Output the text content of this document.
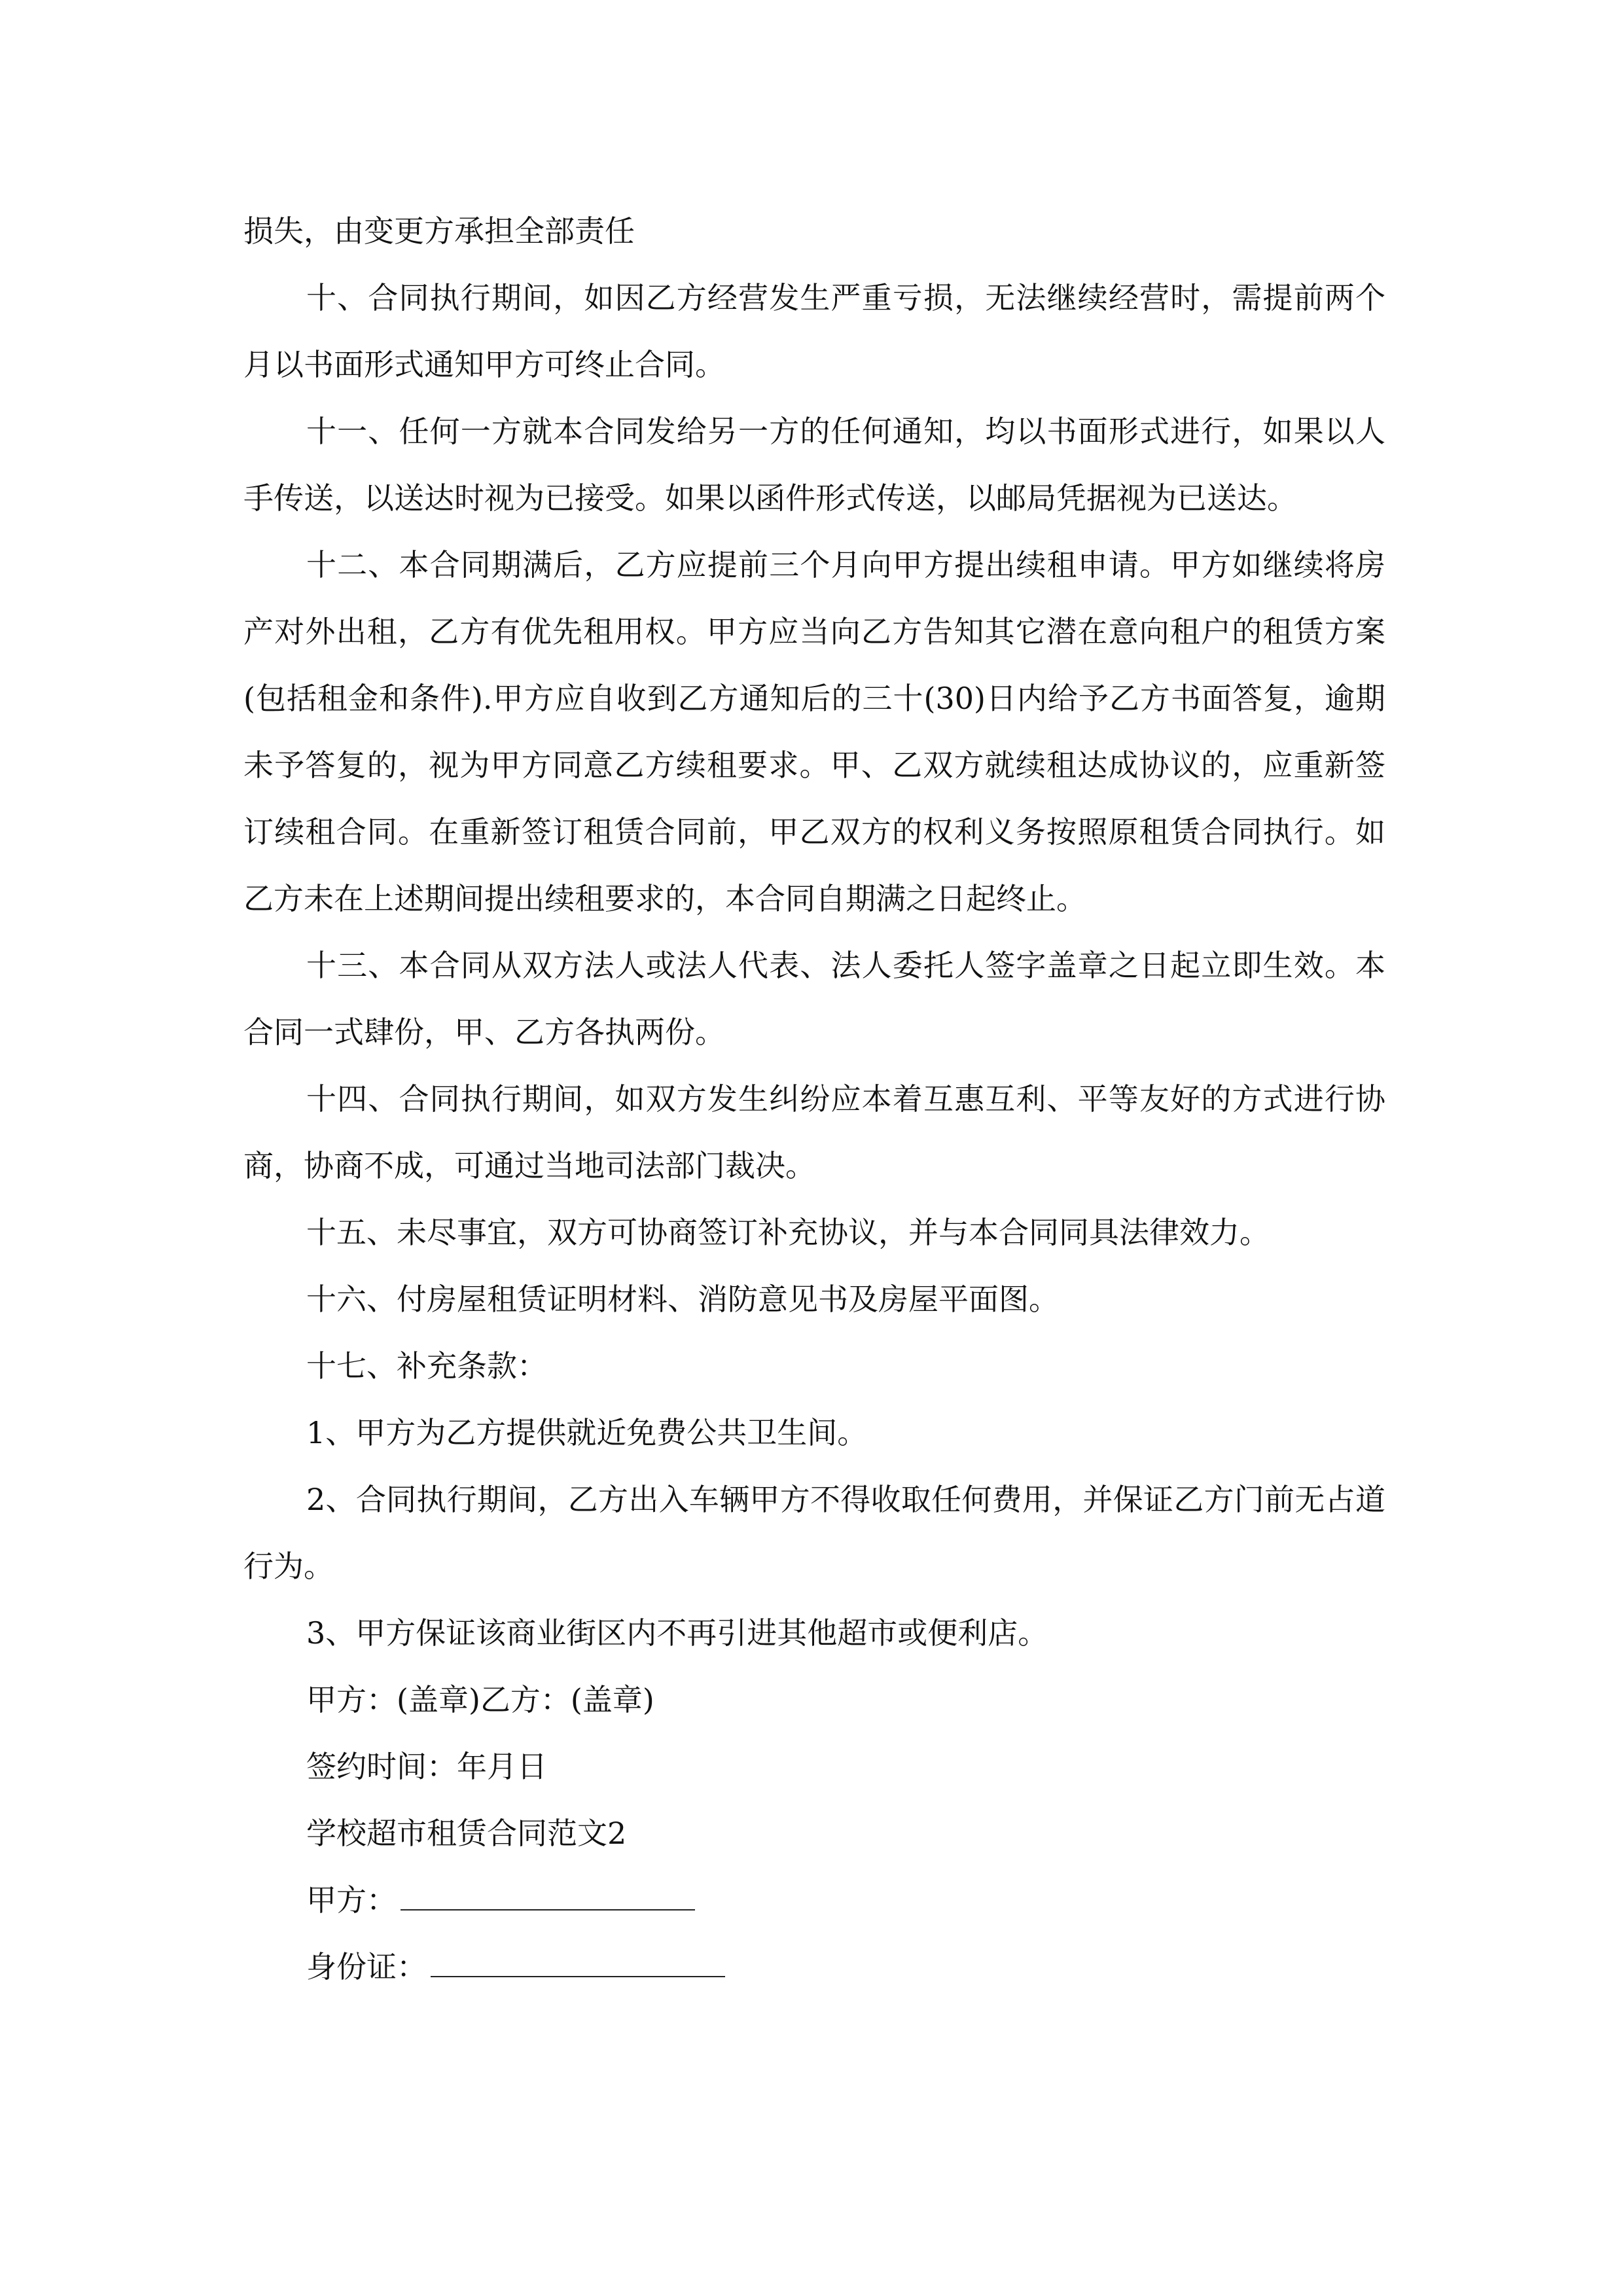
损失，由变更方承担全部责任

十、合同执行期间，如因乙方经营发生严重亏损，无法继续经营时，需提前两个月以书面形式通知甲方可终止合同。

十一、任何一方就本合同发给另一方的任何通知，均以书面形式进行，如果以人手传送，以送达时视为已接受。如果以函件形式传送，以邮局凭据视为已送达。

十二、本合同期满后，乙方应提前三个月向甲方提出续租申请。甲方如继续将房产对外出租，乙方有优先租用权。甲方应当向乙方告知其它潜在意向租户的租赁方案(包括租金和条件).甲方应自收到乙方通知后的三十(30)日内给予乙方书面答复，逾期未予答复的，视为甲方同意乙方续租要求。甲、乙双方就续租达成协议的，应重新签订续租合同。在重新签订租赁合同前，甲乙双方的权利义务按照原租赁合同执行。如乙方未在上述期间提出续租要求的，本合同自期满之日起终止。

十三、本合同从双方法人或法人代表、法人委托人签字盖章之日起立即生效。本合同一式肆份，甲、乙方各执两份。

十四、合同执行期间，如双方发生纠纷应本着互惠互利、平等友好的方式进行协商，协商不成，可通过当地司法部门裁决。

十五、未尽事宜，双方可协商签订补充协议，并与本合同同具法律效力。

十六、付房屋租赁证明材料、消防意见书及房屋平面图。

十七、补充条款：

1、甲方为乙方提供就近免费公共卫生间。

2、合同执行期间，乙方出入车辆甲方不得收取任何费用，并保证乙方门前无占道行为。

3、甲方保证该商业街区内不再引进其他超市或便利店。

甲方：(盖章)乙方：(盖章)

签约时间：年月日

学校超市租赁合同范文2

甲方：

身份证：
